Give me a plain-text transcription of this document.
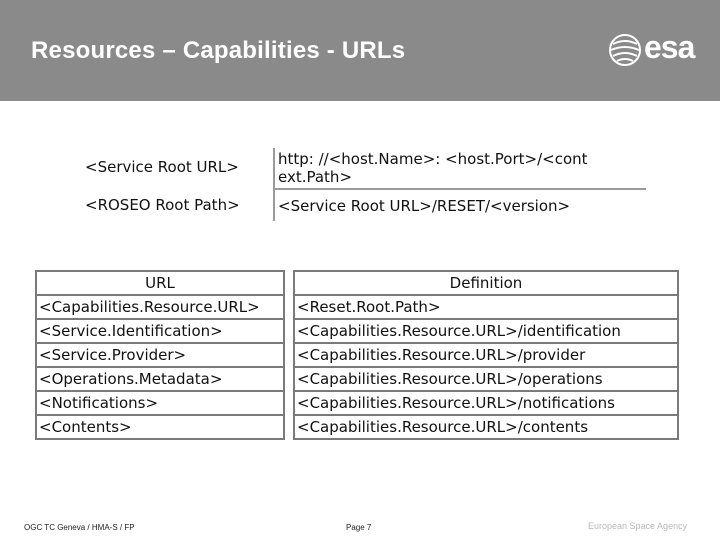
Resources – Capabilities - URLs	esa
<Service Root URL>	http: //<host.Name>: <host.Port>/<cont ext.Path>
<ROSEO Root Path>	<Service Root URL>/RESET/<version>
URL		Definition
<Capabilities.Resource.URL>		<Reset.Root.Path>
<Service.Identification>		<Capabilities.Resource.URL>/identification
<Service.Provider>		<Capabilities.Resource.URL>/provider
<Operations.Metadata>		<Capabilities.Resource.URL>/operations
<Notifications>		<Capabilities.Resource.URL>/notifications
<Contents>		<Capabilities.Resource.URL>/contents
OGC TC Geneva / HMA-S / FP	Page 7	European Space Agency
